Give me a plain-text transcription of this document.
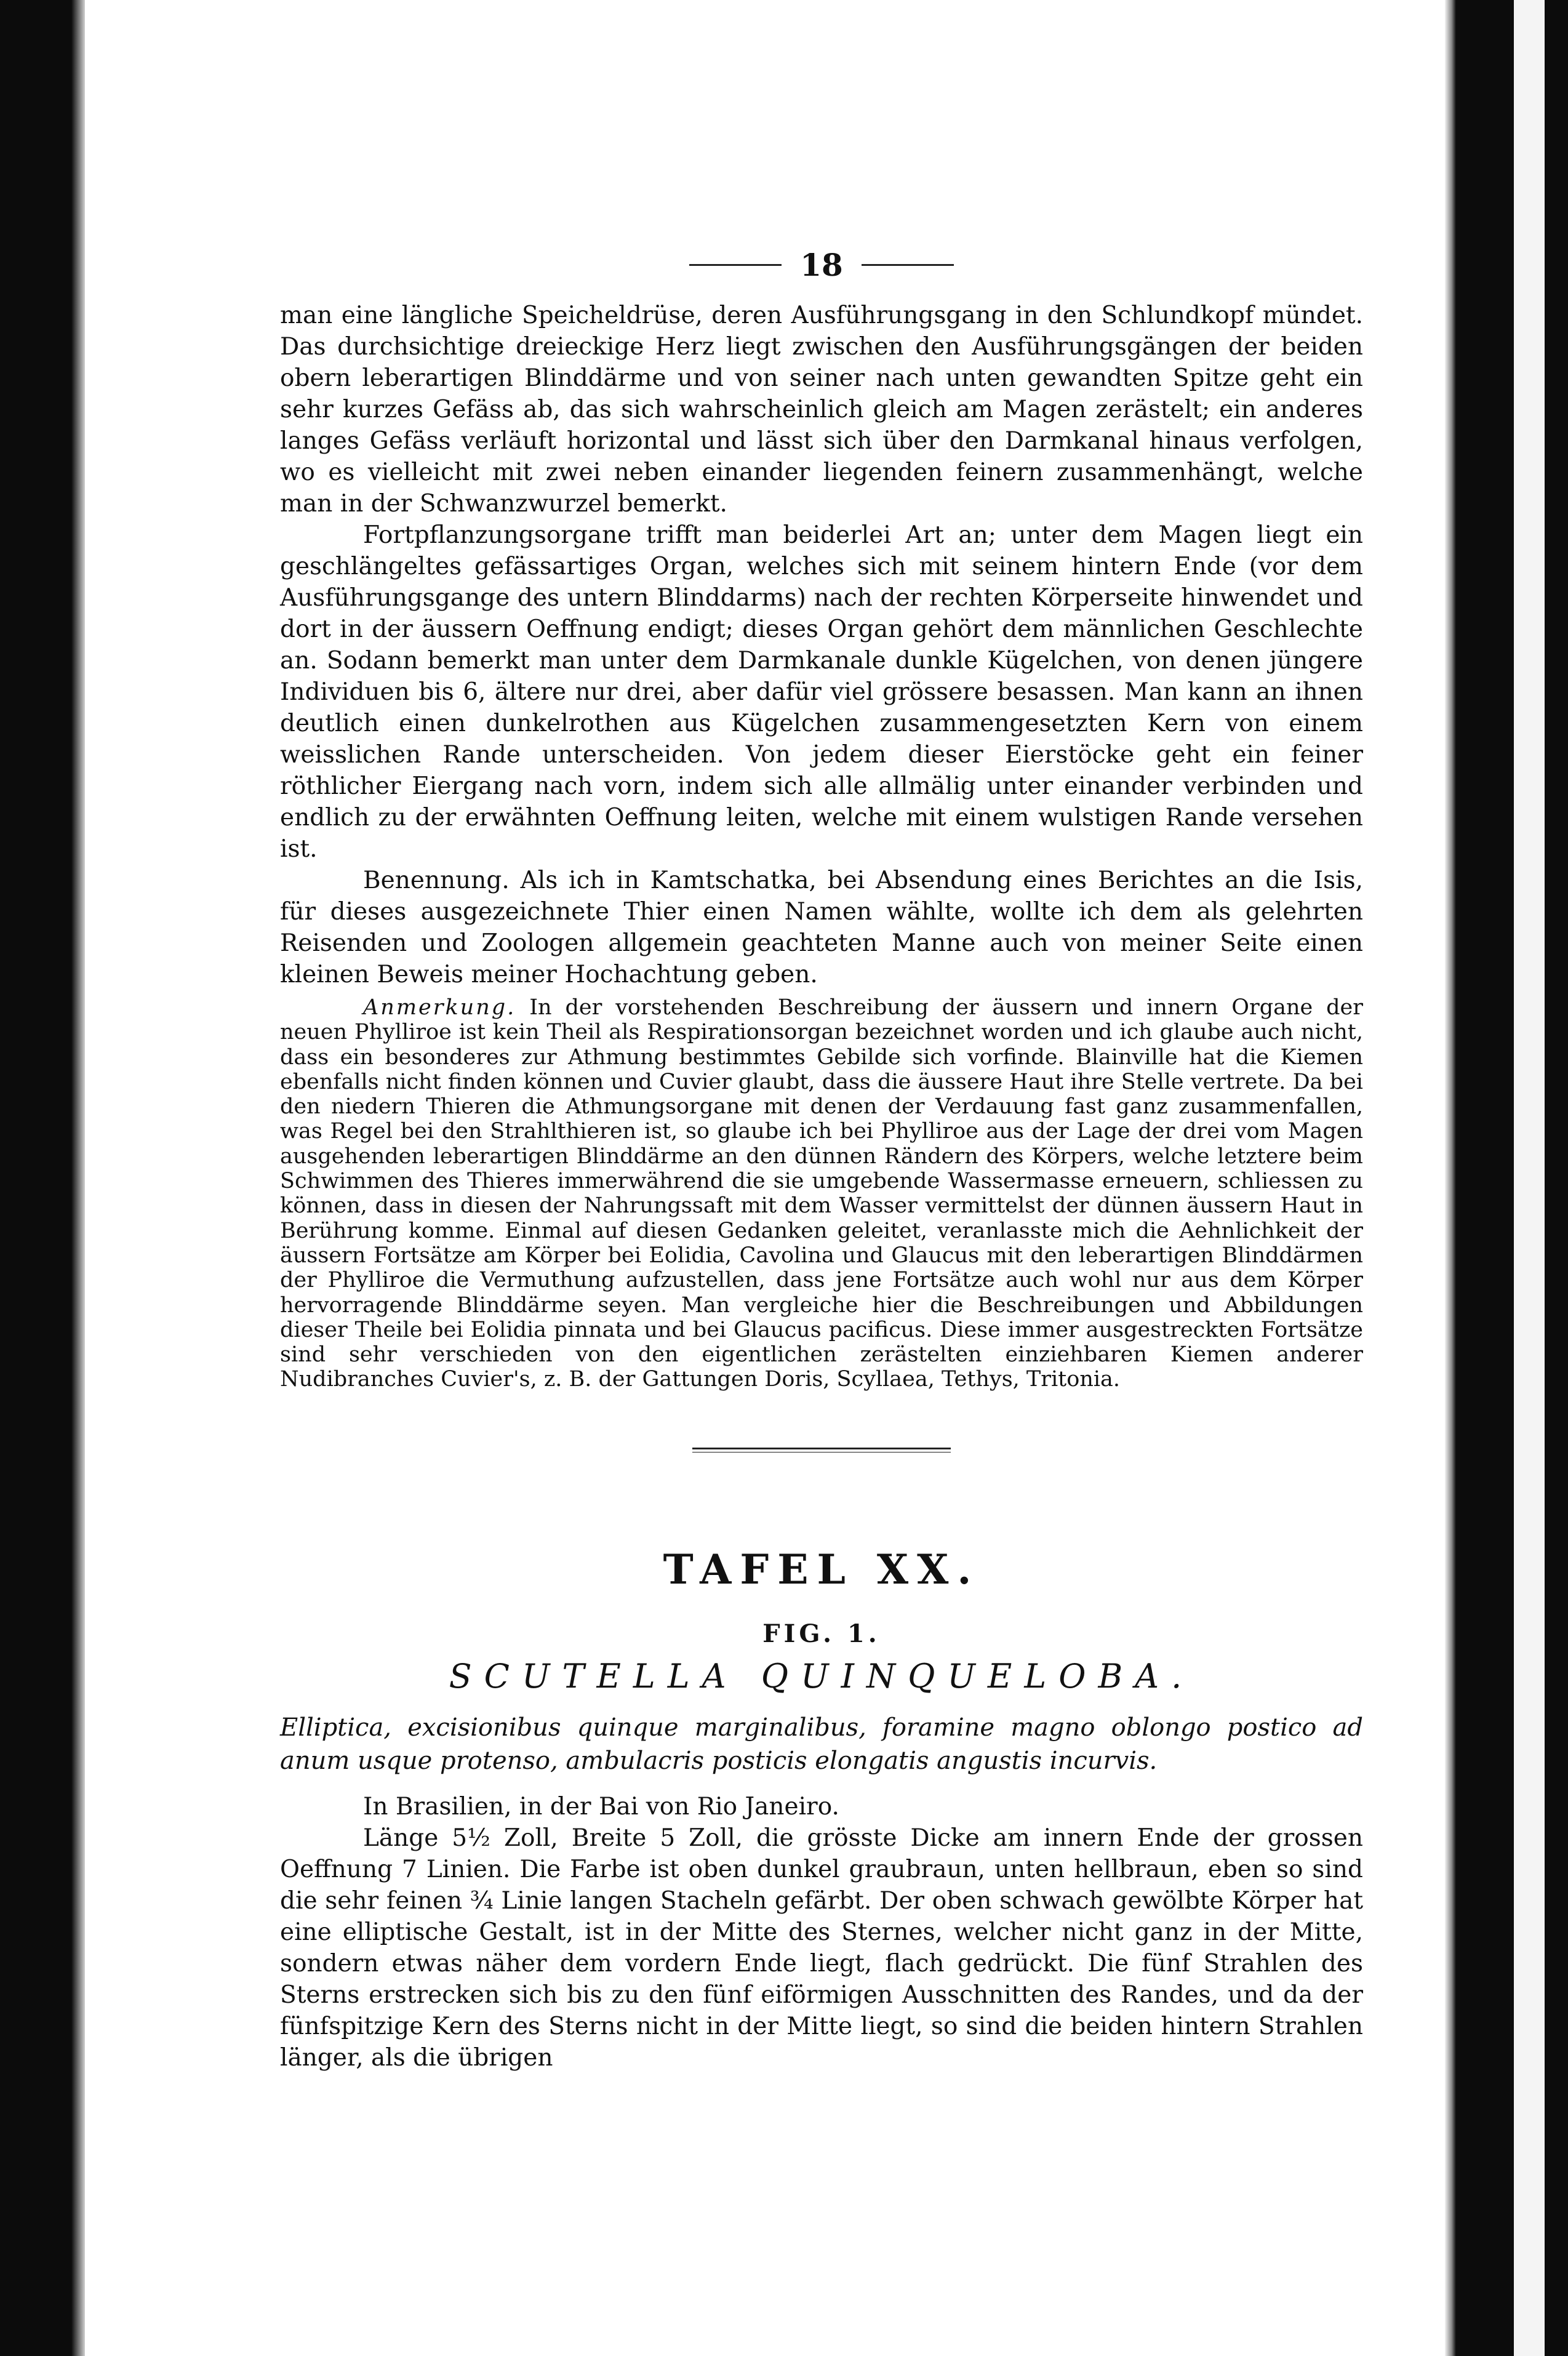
18

man eine längliche Speicheldrüse, deren Ausführungsgang in den Schlundkopf mündet. Das durchsichtige dreieckige Herz liegt zwischen den Ausführungsgängen der beiden obern leberartigen Blinddärme und von seiner nach unten gewandten Spitze geht ein sehr kurzes Gefäss ab, das sich wahrscheinlich gleich am Magen zerästelt; ein anderes langes Gefäss verläuft horizontal und lässt sich über den Darmkanal hinaus verfolgen, wo es vielleicht mit zwei neben einander liegenden feinern zusammenhängt, welche man in der Schwanzwurzel bemerkt.

Fortpflanzungsorgane trifft man beiderlei Art an; unter dem Magen liegt ein geschlängeltes gefässartiges Organ, welches sich mit seinem hintern Ende (vor dem Ausführungsgange des untern Blinddarms) nach der rechten Körperseite hinwendet und dort in der äussern Oeffnung endigt; dieses Organ gehört dem männlichen Geschlechte an. Sodann bemerkt man unter dem Darmkanale dunkle Kügelchen, von denen jüngere Individuen bis 6, ältere nur drei, aber dafür viel grössere besassen. Man kann an ihnen deutlich einen dunkelrothen aus Kügelchen zusammengesetzten Kern von einem weisslichen Rande unterscheiden. Von jedem dieser Eierstöcke geht ein feiner röthlicher Eiergang nach vorn, indem sich alle allmälig unter einander verbinden und endlich zu der erwähnten Oeffnung leiten, welche mit einem wulstigen Rande versehen ist.

Benennung. Als ich in Kamtschatka, bei Absendung eines Berichtes an die Isis, für dieses ausgezeichnete Thier einen Namen wählte, wollte ich dem als gelehrten Reisenden und Zoologen allgemein geachteten Manne auch von meiner Seite einen kleinen Beweis meiner Hochachtung geben.

Anmerkung. In der vorstehenden Beschreibung der äussern und innern Organe der neuen Phylliroe ist kein Theil als Respirationsorgan bezeichnet worden und ich glaube auch nicht, dass ein besonderes zur Athmung bestimmtes Gebilde sich vorfinde. Blainville hat die Kiemen ebenfalls nicht finden können und Cuvier glaubt, dass die äussere Haut ihre Stelle vertrete. Da bei den niedern Thieren die Athmungsorgane mit denen der Verdauung fast ganz zusammenfallen, was Regel bei den Strahlthieren ist, so glaube ich bei Phylliroe aus der Lage der drei vom Magen ausgehenden leberartigen Blinddärme an den dünnen Rändern des Körpers, welche letztere beim Schwimmen des Thieres immerwährend die sie umgebende Wassermasse erneuern, schliessen zu können, dass in diesen der Nahrungssaft mit dem Wasser vermittelst der dünnen äussern Haut in Berührung komme. Einmal auf diesen Gedanken geleitet, veranlasste mich die Aehnlichkeit der äussern Fortsätze am Körper bei Eolidia, Cavolina und Glaucus mit den leberartigen Blinddärmen der Phylliroe die Vermuthung aufzustellen, dass jene Fortsätze auch wohl nur aus dem Körper hervorragende Blinddärme seyen. Man vergleiche hier die Beschreibungen und Abbildungen dieser Theile bei Eolidia pinnata und bei Glaucus pacificus. Diese immer ausgestreckten Fortsätze sind sehr verschieden von den eigentlichen zerästelten einziehbaren Kiemen anderer Nudibranches Cuvier's, z. B. der Gattungen Doris, Scyllaea, Tethys, Tritonia.

TAFEL XX.
FIG. 1.
SCUTELLA QUINQUELOBA.

Elliptica, excisionibus quinque marginalibus, foramine magno oblongo postico ad anum usque protenso, ambulacris posticis elongatis angustis incurvis.

In Brasilien, in der Bai von Rio Janeiro.

Länge 5½ Zoll, Breite 5 Zoll, die grösste Dicke am innern Ende der grossen Oeffnung 7 Linien. Die Farbe ist oben dunkel graubraun, unten hellbraun, eben so sind die sehr feinen ¾ Linie langen Stacheln gefärbt. Der oben schwach gewölbte Körper hat eine elliptische Gestalt, ist in der Mitte des Sternes, welcher nicht ganz in der Mitte, sondern etwas näher dem vordern Ende liegt, flach gedrückt. Die fünf Strahlen des Sterns erstrecken sich bis zu den fünf eiförmigen Ausschnitten des Randes, und da der fünfspitzige Kern des Sterns nicht in der Mitte liegt, so sind die beiden hintern Strahlen länger, als die übrigen
